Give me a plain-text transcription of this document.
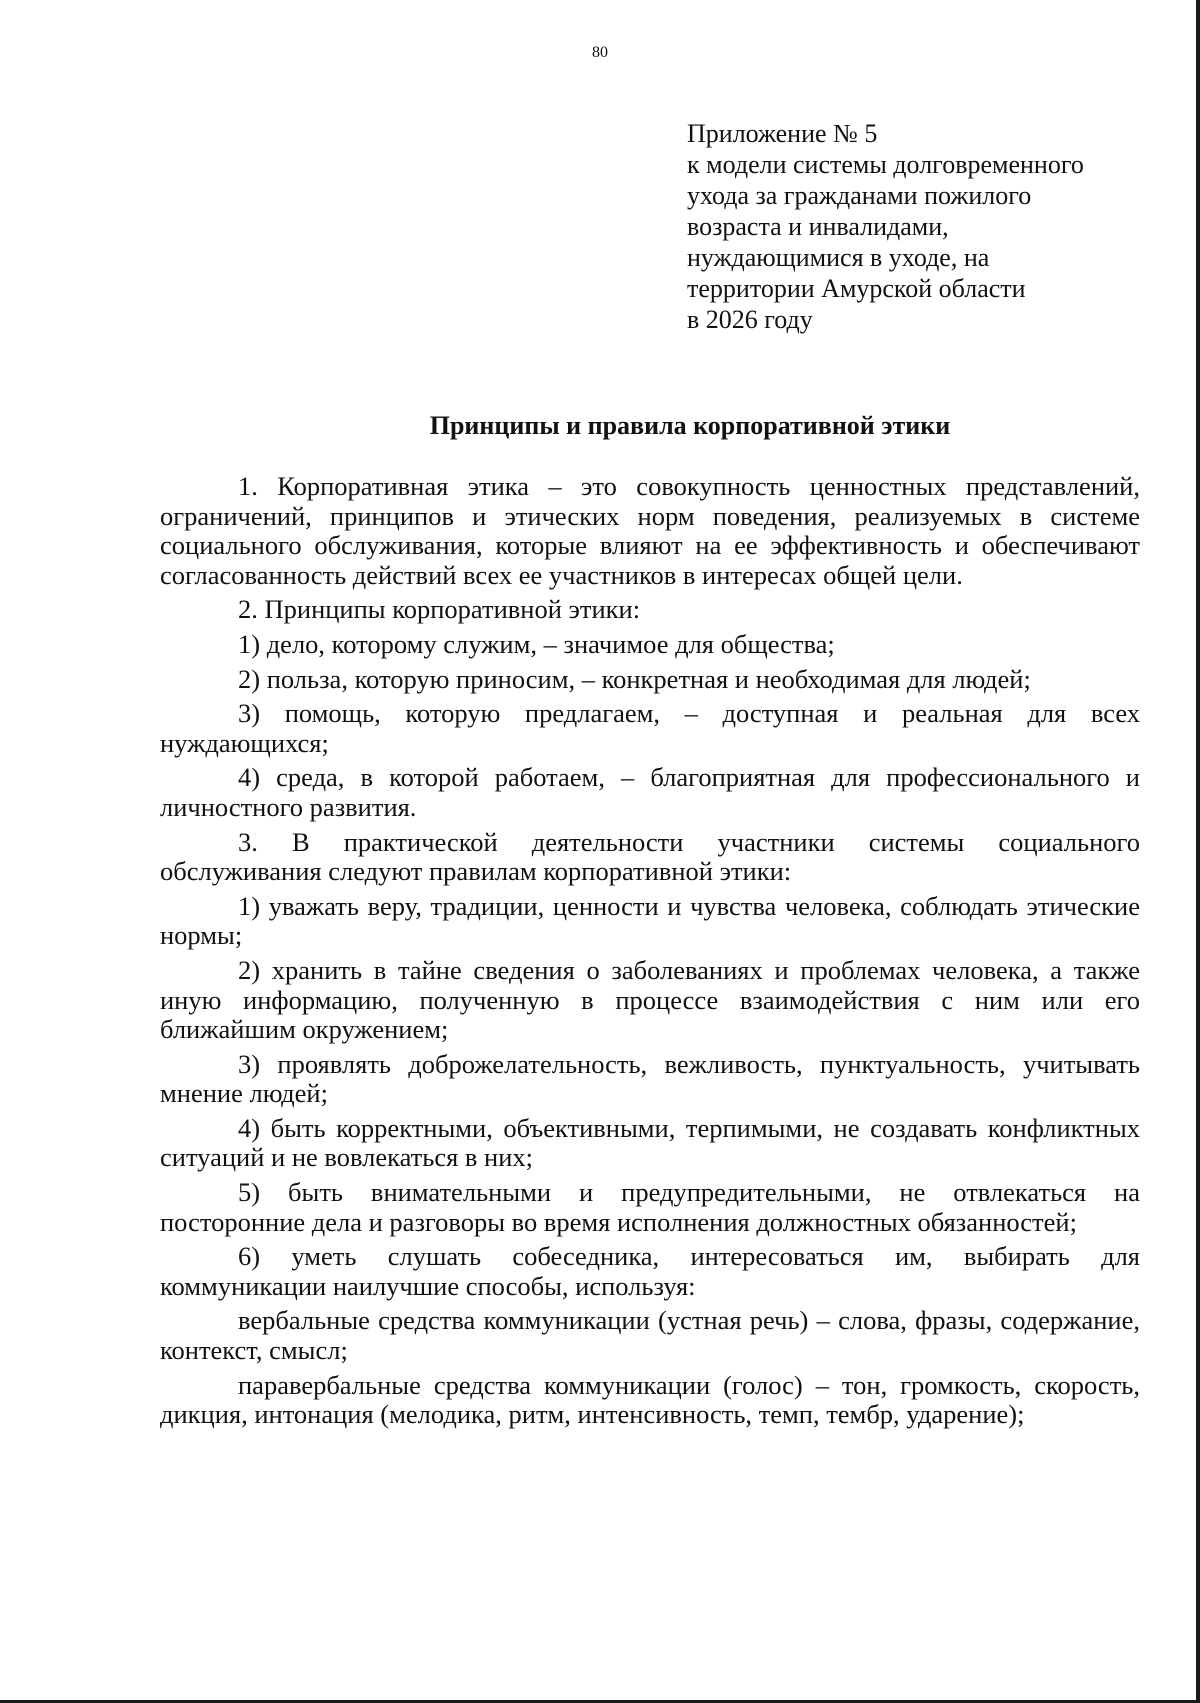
80
Приложение № 5
к модели системы долговременного
ухода за гражданами пожилого
возраста и инвалидами,
нуждающимися в уходе, на
территории Амурской области
в 2026 году
Принципы и правила корпоративной этики

1. Корпоративная этика – это совокупность ценностных представлений, ограничений, принципов и этических норм поведения, реализуемых в системе социального обслуживания, которые влияют на ее эффективность и обеспечивают согласованность действий всех ее участников в интересах общей цели.

2. Принципы корпоративной этики:

1) дело, которому служим, – значимое для общества;

2) польза, которую приносим, – конкретная и необходимая для людей;

3) помощь, которую предлагаем, – доступная и реальная для всех нуждающихся;

4) среда, в которой работаем, – благоприятная для профессионального и личностного развития.

3. В практической деятельности участники системы социального обслуживания следуют правилам корпоративной этики:

1) уважать веру, традиции, ценности и чувства человека, соблюдать этические нормы;

2) хранить в тайне сведения о заболеваниях и проблемах человека, а также иную информацию, полученную в процессе взаимодействия с ним или его ближайшим окружением;

3) проявлять доброжелательность, вежливость, пунктуальность, учитывать мнение людей;

4) быть корректными, объективными, терпимыми, не создавать конфликтных ситуаций и не вовлекаться в них;

5) быть внимательными и предупредительными, не отвлекаться на посторонние дела и разговоры во время исполнения должностных обязанностей;

6) уметь слушать собеседника, интересоваться им, выбирать для коммуникации наилучшие способы, используя:

вербальные средства коммуникации (устная речь) – слова, фразы, содержание, контекст, смысл;

паравербальные средства коммуникации (голос) – тон, громкость, скорость, дикция, интонация (мелодика, ритм, интенсивность, темп, тембр, ударение);
